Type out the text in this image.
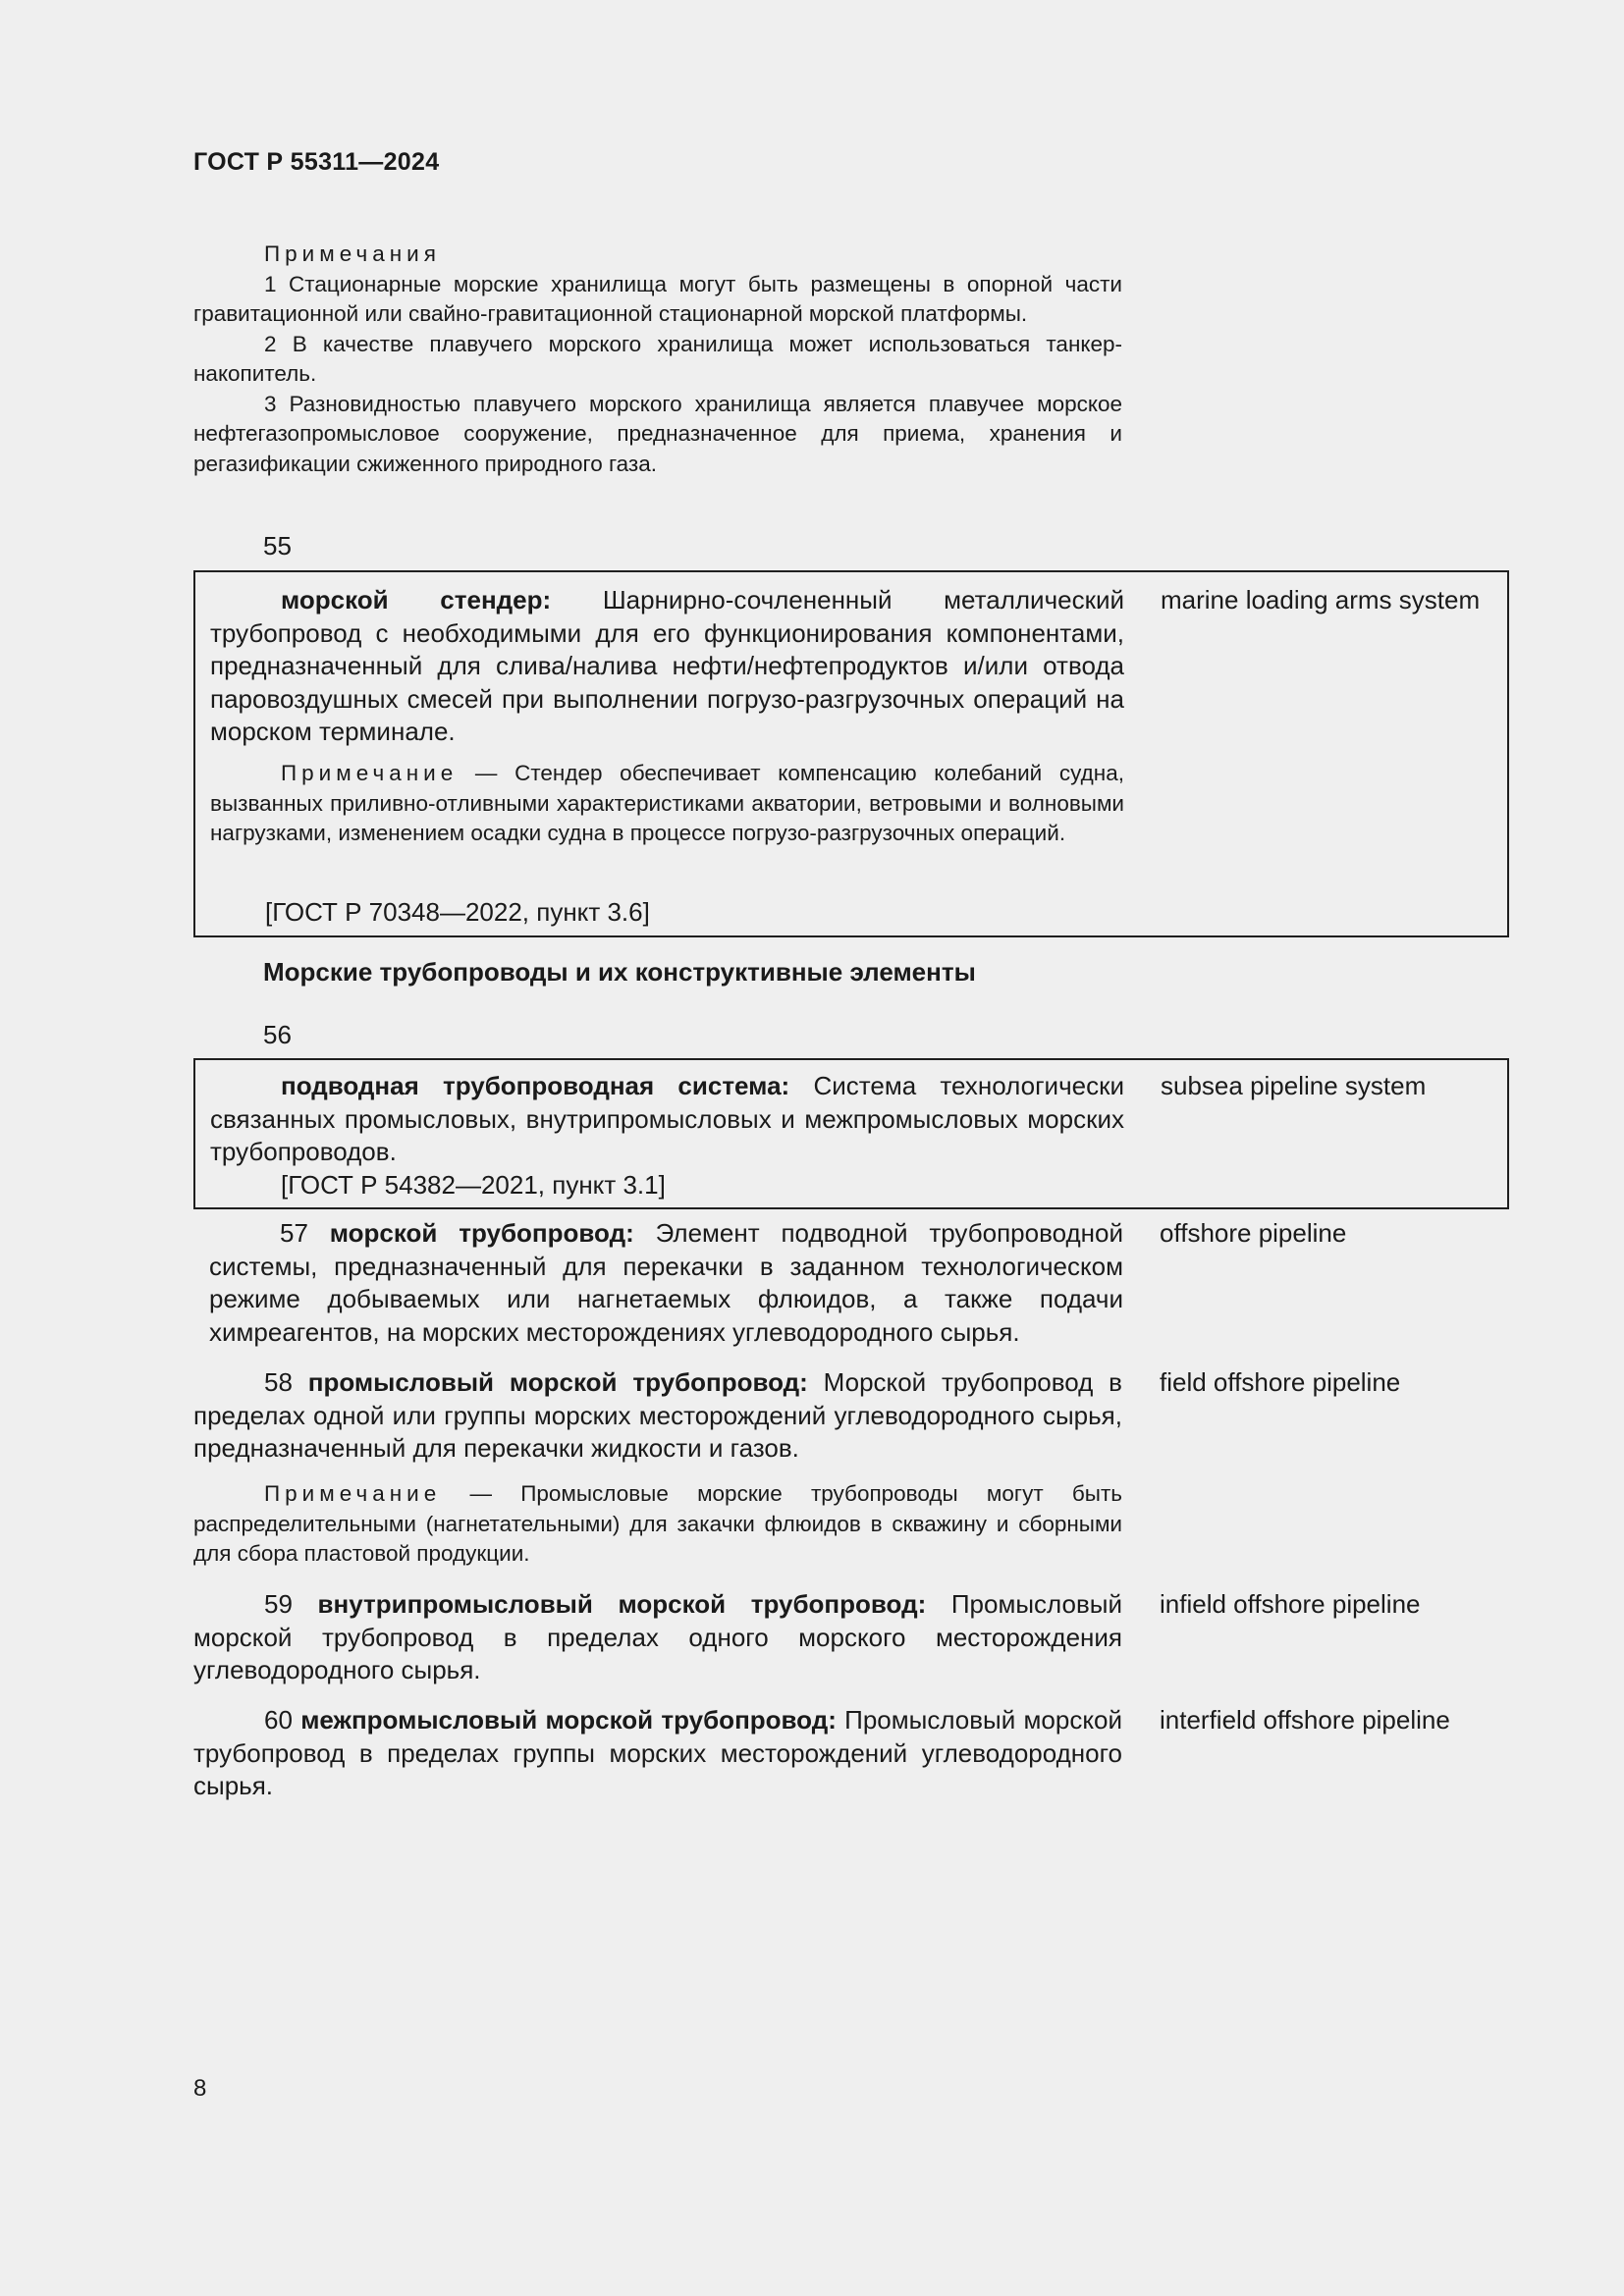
ГОСТ Р 55311—2024

Примечания

1 Стационарные морские хранилища могут быть размещены в опорной части гравитационной или свайно-гравитационной стационарной морской платформы.

2 В качестве плавучего морского хранилища может использоваться танкер-накопитель.

3 Разновидностью плавучего морского хранилища является плавучее морское нефтегазопромысловое сооружение, предназначенное для приема, хранения и регазификации сжиженного природного газа.

55

морской стендер: Шарнирно-сочлененный металлический трубопровод с необходимыми для его функционирования компонентами, предназначенный для слива/налива нефти/нефтепродуктов и/или отвода паровоздушных смесей при выполнении погрузо-разгрузочных операций на морском терминале.

Примечание — Стендер обеспечивает компенсацию колебаний судна, вызванных приливно-отливными характеристиками акватории, ветровыми и волновыми нагрузками, изменением осадки судна в процессе погрузо-разгрузочных операций.

[ГОСТ Р 70348—2022, пункт 3.6]
marine loading arms system
Морские трубопроводы и их конструктивные элементы
56

подводная трубопроводная система: Система технологически связанных промысловых, внутрипромысловых и межпромысловых морских трубопроводов.

[ГОСТ Р 54382—2021, пункт 3.1]

subsea pipeline system

57 морской трубопровод: Элемент подводной трубопроводной системы, предназначенный для перекачки в заданном технологическом режиме добываемых или нагнетаемых флюидов, а также подачи химреагентов, на морских месторождениях углеводородного сырья.

offshore pipeline

58 промысловый морской трубопровод: Морской трубопровод в пределах одной или группы морских месторождений углеводородного сырья, предназначенный для перекачки жидкости и газов.

Примечание — Промысловые морские трубопроводы могут быть распределительными (нагнетательными) для закачки флюидов в скважину и сборными для сбора пластовой продукции.

field offshore pipeline

59 внутрипромысловый морской трубопровод: Промысловый морской трубопровод в пределах одного морского месторождения углеводородного сырья.

infield offshore pipeline

60 межпромысловый морской трубопровод: Промысловый морской трубопровод в пределах группы морских месторождений углеводородного сырья.

interfield offshore pipeline
8
